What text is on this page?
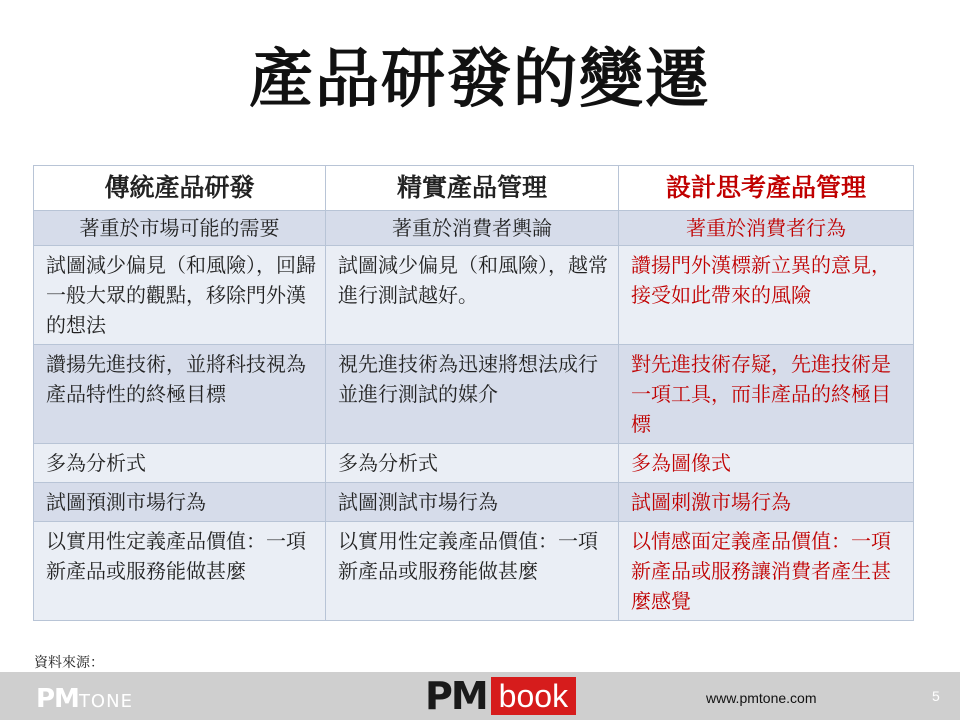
產品研發的變遷
傳統產品研發	精實產品管理	設計思考產品管理
著重於市場可能的需要	著重於消費者輿論	著重於消費者行為
試圖減少偏見（和風險），回歸一般大眾的觀點，移除門外漢的想法	試圖減少偏見（和風險），越常進行測試越好。	讚揚門外漢標新立異的意見，接受如此帶來的風險
讚揚先進技術，並將科技視為產品特性的終極目標	視先進技術為迅速將想法成行並進行測試的媒介	對先進技術存疑，先進技術是一項工具，而非產品的終極目標
多為分析式	多為分析式	多為圖像式
試圖預測市場行為	試圖測試市場行為	試圖刺激市場行為
以實用性定義產品價值：一項新產品或服務能做甚麼	以實用性定義產品價值：一項新產品或服務能做甚麼	以情感面定義產品價值：一項新產品或服務讓消費者產生甚麼感覺
資料來源：
PMTONE	PM book	www.pmtone.com	5
